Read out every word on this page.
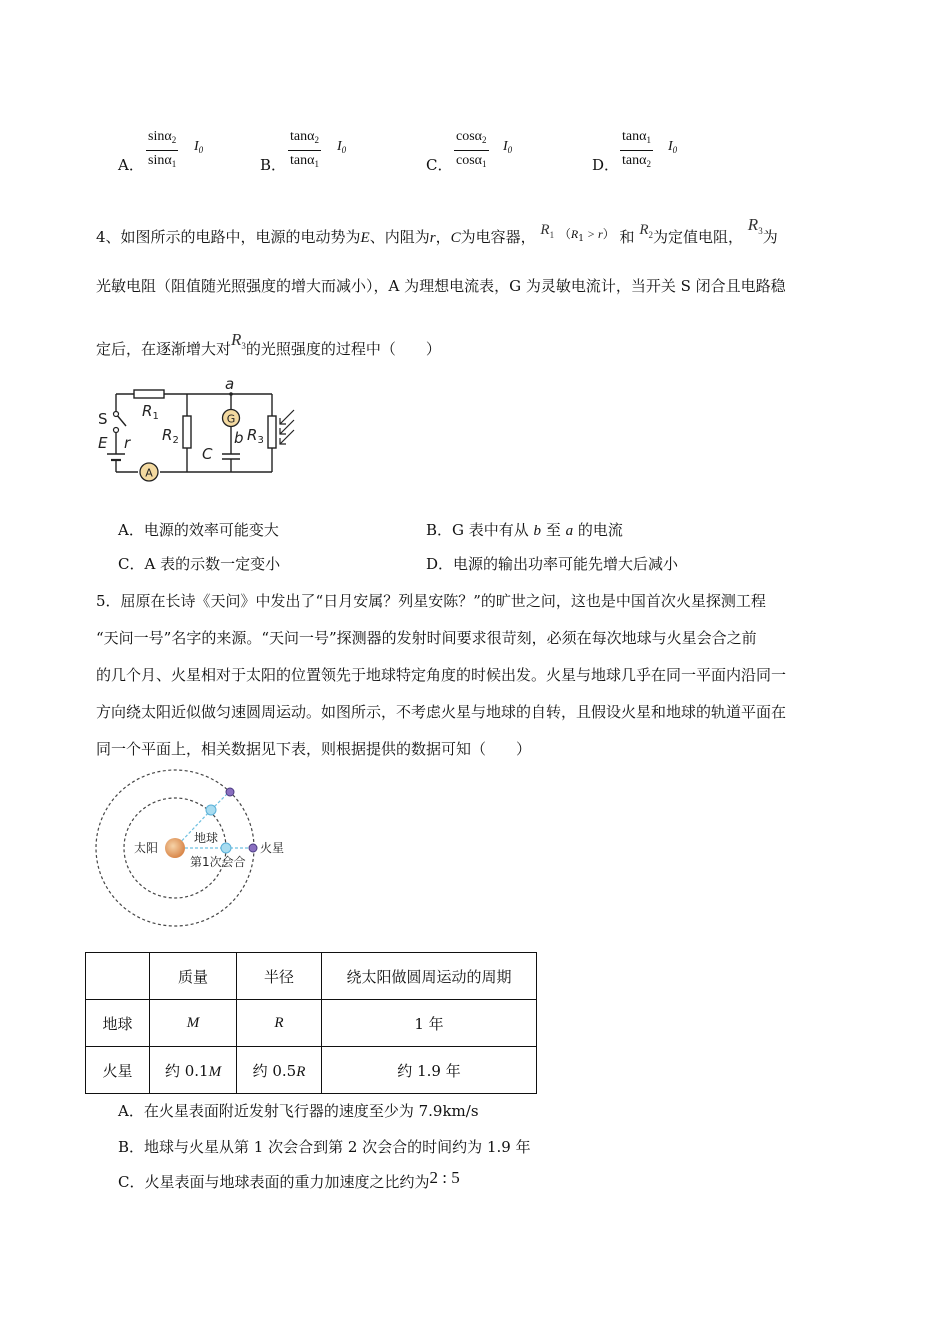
A． $\frac{\sin\alpha_2}{\sin\alpha_1} I_0$
B． $\frac{\tan\alpha_2}{\tan\alpha_1} I_0$
C． $\frac{\cos\alpha_2}{\cos\alpha_1} I_0$
D． $\frac{\tan\alpha_1}{\tan\alpha_2} I_0$
4、如图所示的电路中，电源的电动势为E、内阻为r，C为电容器， $R_1$ $^{(R_1 > r)}$ 和 $R_2$为定值电阻， $R_3$为
光敏电阻（阻值随光照强度的增大而减小），A 为理想电流表，G 为灵敏电流计，当开关 S 闭合且电路稳
定后，在逐渐增大对$R_3$的光照强度的过程中（　　）
G
A
S
E r
a
b
C
$R_1$
$R_2$	$R_3$
A．电源的效率可能变大	B．G 表中有从 b 至 a 的电流
C．A 表的示数一定变小	D．电源的输出功率可能先增大后减小
5．屈原在长诗《天问》中发出了“日月安属？列星安陈？”的旷世之问，这也是中国首次火星探测工程
“天问一号”名字的来源。“天问一号”探测器的发射时间要求很苛刻，必须在每次地球与火星会合之前
的几个月、火星相对于太阳的位置领先于地球特定角度的时候出发。火星与地球几乎在同一平面内沿同一
方向绕太阳近似做匀速圆周运动。如图所示，不考虑火星与地球的自转，且假设火星和地球的轨道平面在
同一个平面上，相关数据见下表，则根据提供的数据可知（　　）
太阳
地球
火星
第1次会合
	质量	半径	绕太阳做圆周运动的周期
地球	M	R	1 年
火星	约 0.1M	约 0.5R	约 1.9 年
A．在火星表面附近发射飞行器的速度至少为 7.9km/s
B．地球与火星从第 1 次会合到第 2 次会合的时间约为 1.9 年
C．火星表面与地球表面的重力加速度之比约为2 : 5
